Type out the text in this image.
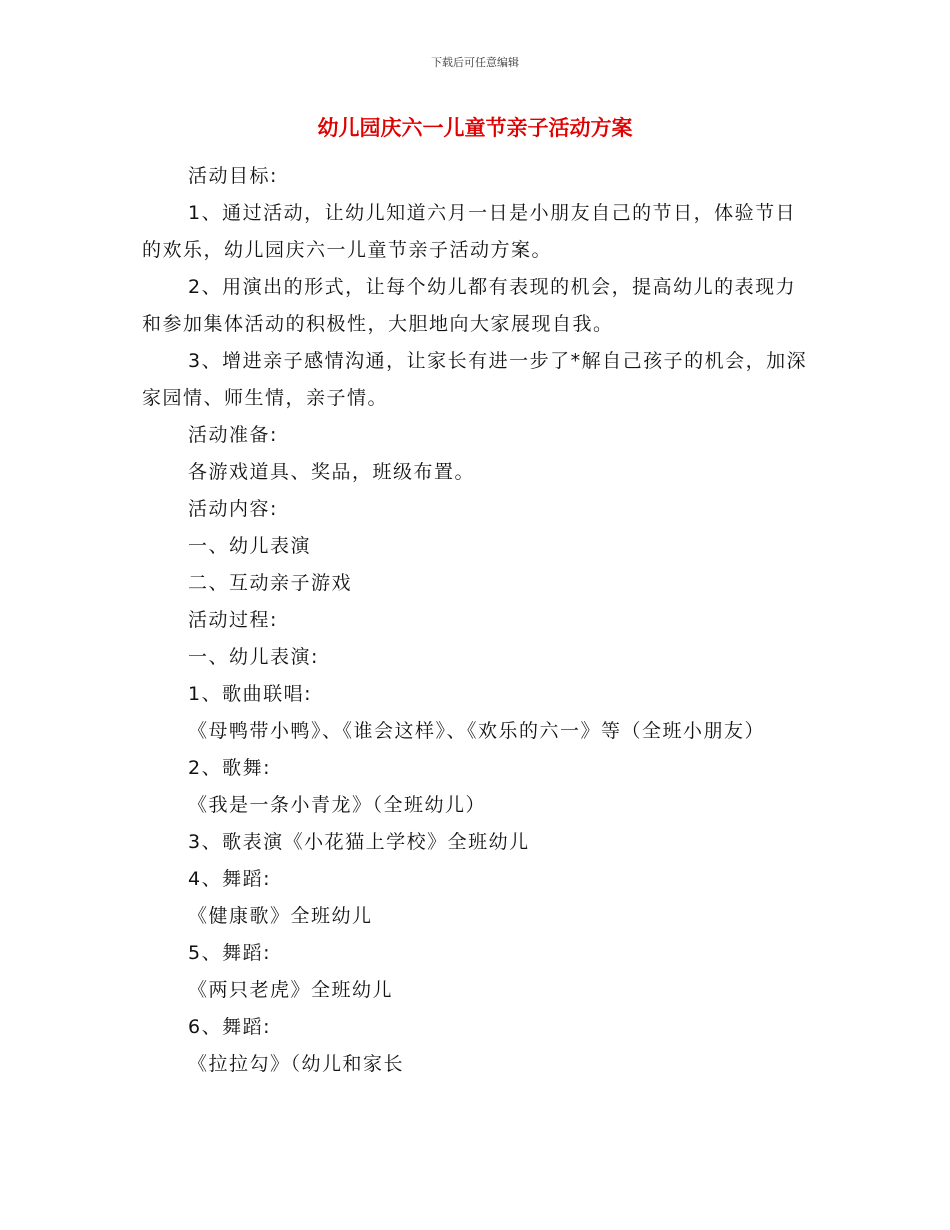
下载后可任意编辑
幼儿园庆六一儿童节亲子活动方案

活动目标:

1、通过活动，让幼儿知道六月一日是小朋友自己的节日，体验节日的欢乐，幼儿园庆六一儿童节亲子活动方案。

2、用演出的形式，让每个幼儿都有表现的机会，提高幼儿的表现力和参加集体活动的积极性，大胆地向大家展现自我。

3、增进亲子感情沟通，让家长有进一步了*解自己孩子的机会，加深家园情、师生情，亲子情。

活动准备:

各游戏道具、奖品，班级布置。

活动内容:

一、幼儿表演

二、互动亲子游戏

活动过程:

一、幼儿表演:

1、歌曲联唱:

《母鸭带小鸭》、《谁会这样》、《欢乐的六一》等（全班小朋友）

2、歌舞:

《我是一条小青龙》（全班幼儿）

3、歌表演《小花猫上学校》全班幼儿

4、舞蹈:

《健康歌》全班幼儿

5、舞蹈:

《两只老虎》全班幼儿

6、舞蹈:

《拉拉勾》（幼儿和家长
